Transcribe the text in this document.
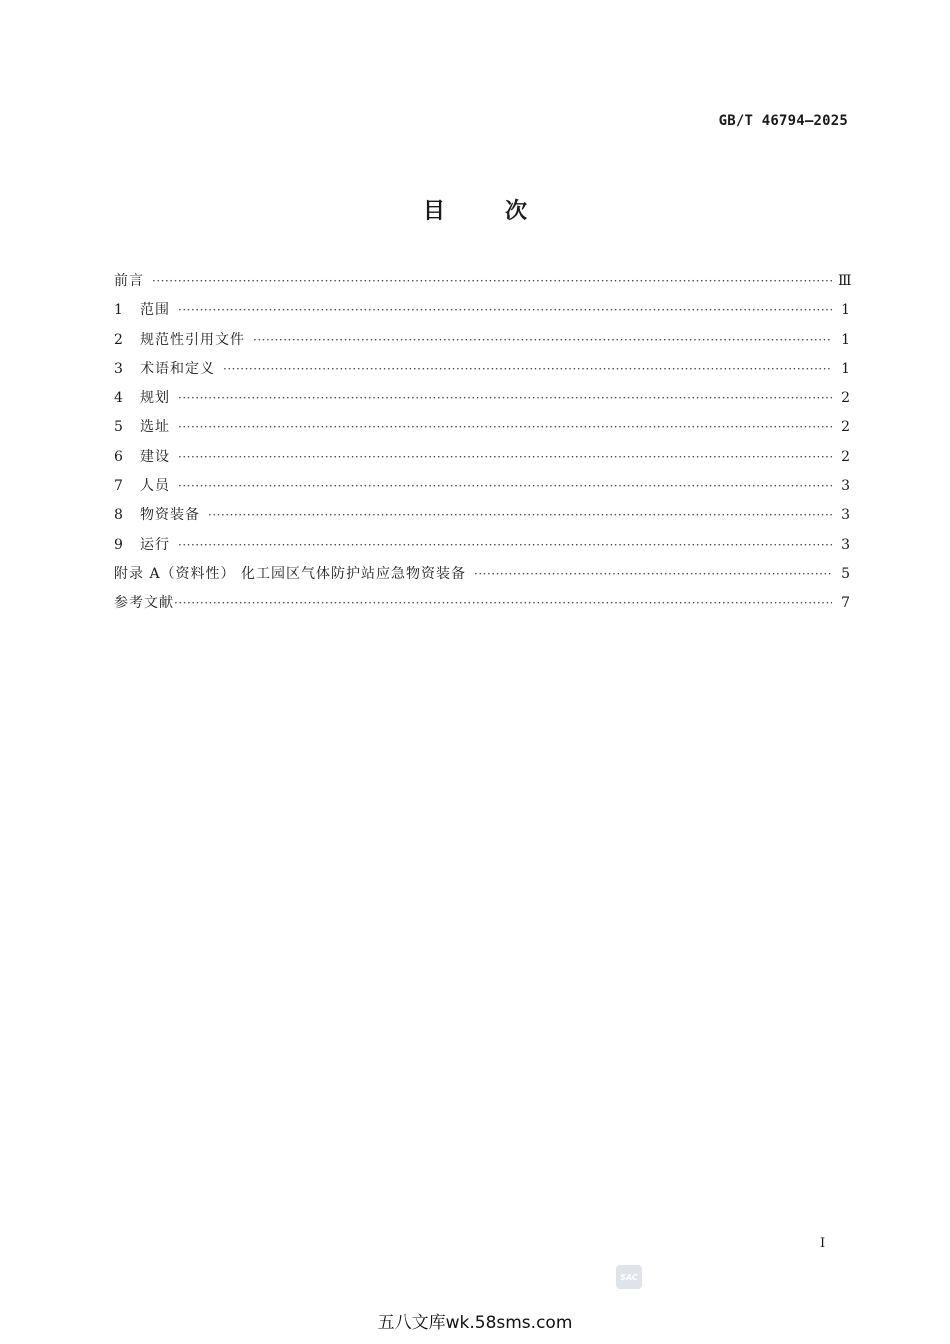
GB/T 46794—2025
目	次
前言 ·····	Ⅲ
1	范围 ·····	1
2	规范性引用文件 ·····	1
3	术语和定义 ·····	1
4	规划 ·····	2
5	选址 ·····	2
6	建设 ·····	2
7	人员 ·····	3
8	物资装备 ·····	3
9	运行 ·····	3
附录 A（资料性） 化工园区气体防护站应急物资装备 ·····	5
参考文献 ·····	7
I
SAC
五八文库wk.58sms.com
